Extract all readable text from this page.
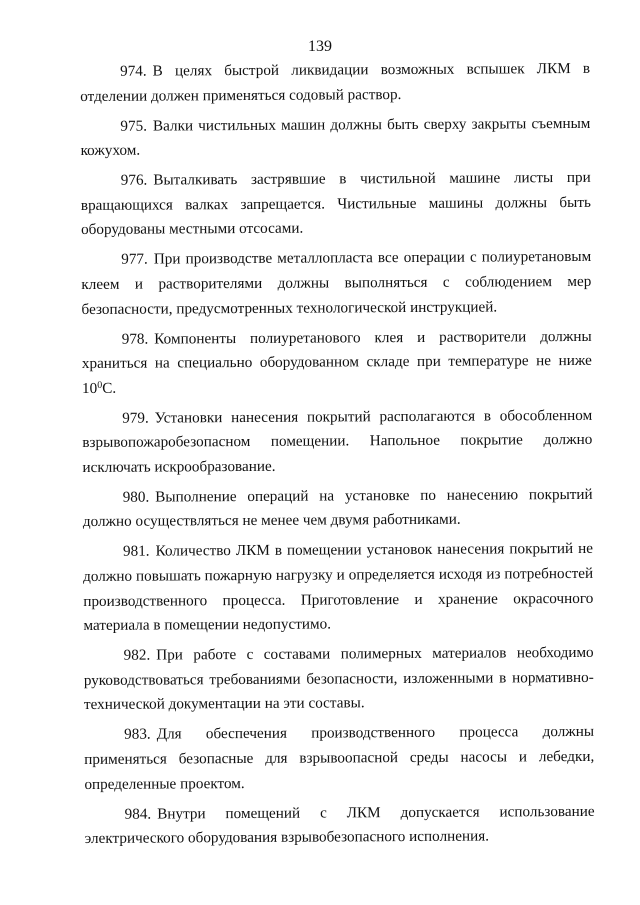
139

974. В целях быстрой ликвидации возможных вспышек ЛКМ в отделении должен применяться содовый раствор.

975. Валки чистильных машин должны быть сверху закрыты съемным кожухом.

976. Выталкивать застрявшие в чистильной машине листы при вращающихся валках запрещается. Чистильные машины должны быть оборудованы местными отсосами.

977. При производстве металлопласта все операции с полиуретановым клеем и растворителями должны выполняться с соблюдением мер безопасности, предусмотренных технологической инструкцией.

978. Компоненты полиуретанового клея и растворители должны храниться на специально оборудованном складе при температуре не ниже $10^0С$.

979. Установки нанесения покрытий располагаются в обособленном взрывопожаробезопасном помещении. Напольное покрытие должно исключать искрообразование.

980. Выполнение операций на установке по нанесению покрытий должно осуществляться не менее чем двумя работниками.

981. Количество ЛКМ в помещении установок нанесения покрытий не должно повышать пожарную нагрузку и определяется исходя из потребностей производственного процесса. Приготовление и хранение окрасочного материала в помещении недопустимо.

982. При работе с составами полимерных материалов необходимо руководствоваться требованиями безопасности, изложенными в нормативно-технической документации на эти составы.

983. Для обеспечения производственного процесса должны применяться безопасные для взрывоопасной среды насосы и лебедки, определенные проектом.

984. Внутри помещений с ЛКМ допускается использование электрического оборудования взрывобезопасного исполнения.
